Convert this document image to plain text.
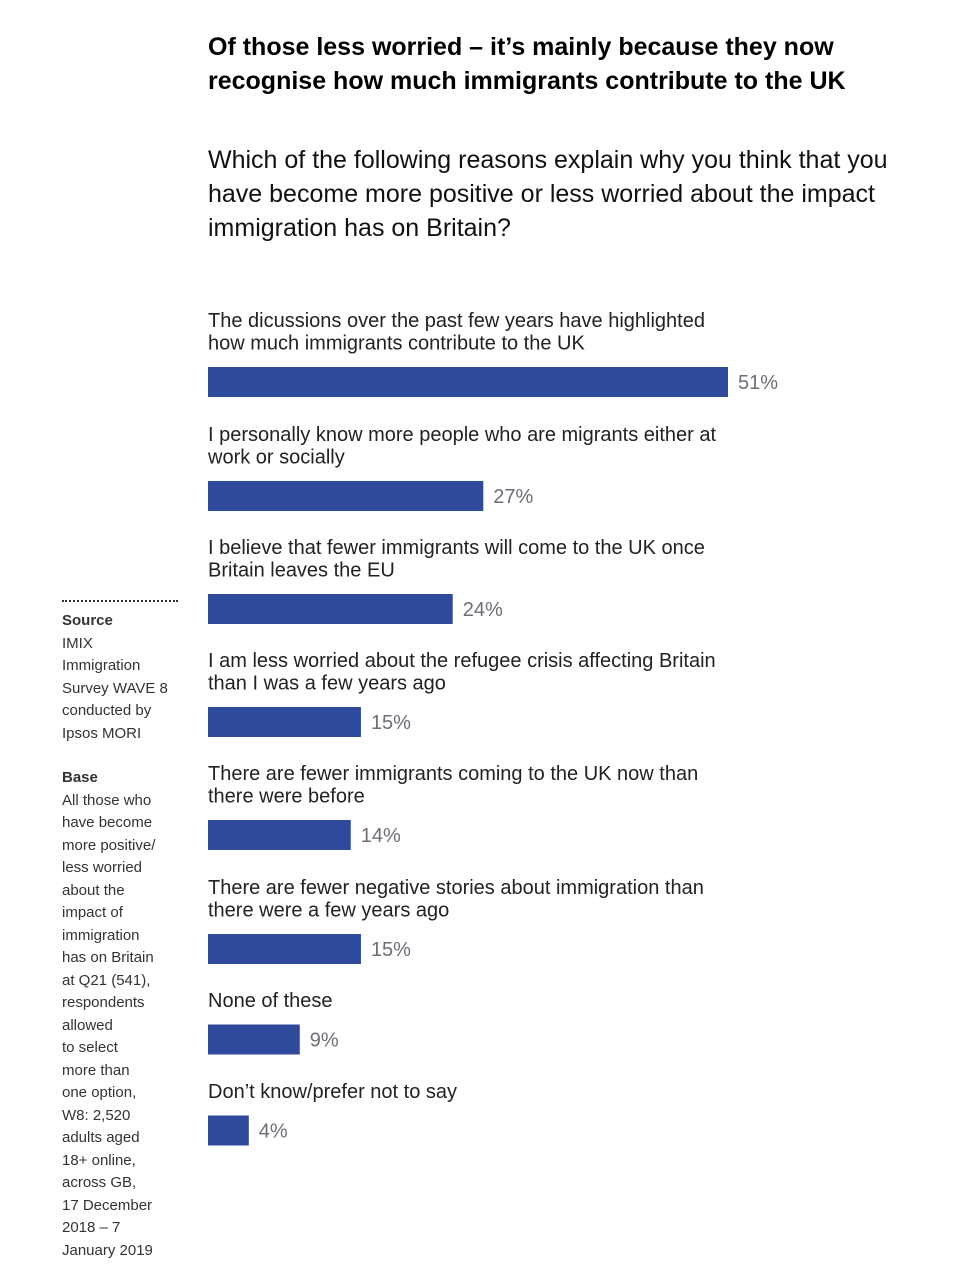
Of those less worried – it’s mainly because they now recognise how much immigrants contribute to the UK

Which of the following reasons explain why you think that you have become more positive or less worried about the impact immigration has on Britain?

Source
IMIX
Immigration
Survey WAVE 8
conducted by
Ipsos MORI
Base
All those who
have become
more positive/
less worried
about the
impact of
immigration
has on Britain
at Q21 (541),
respondents
allowed
to select
more than
one option,
W8: 2,520
adults aged
18+ online,
across GB,
17 December
2018 – 7
January 2019
The dicussions over the past few years have highlighted how much immigrants contribute to the UK
51%
I personally know more people who are migrants either at work or socially
27%
I believe that fewer immigrants will come to the UK once Britain leaves the EU
24%
I am less worried about the refugee crisis affecting Britain than I was a few years ago
15%
There are fewer immigrants coming to the UK now than there were before
14%
There are fewer negative stories about immigration than there were a few years ago
15%
None of these
9%
Don’t know/prefer not to say
4%
